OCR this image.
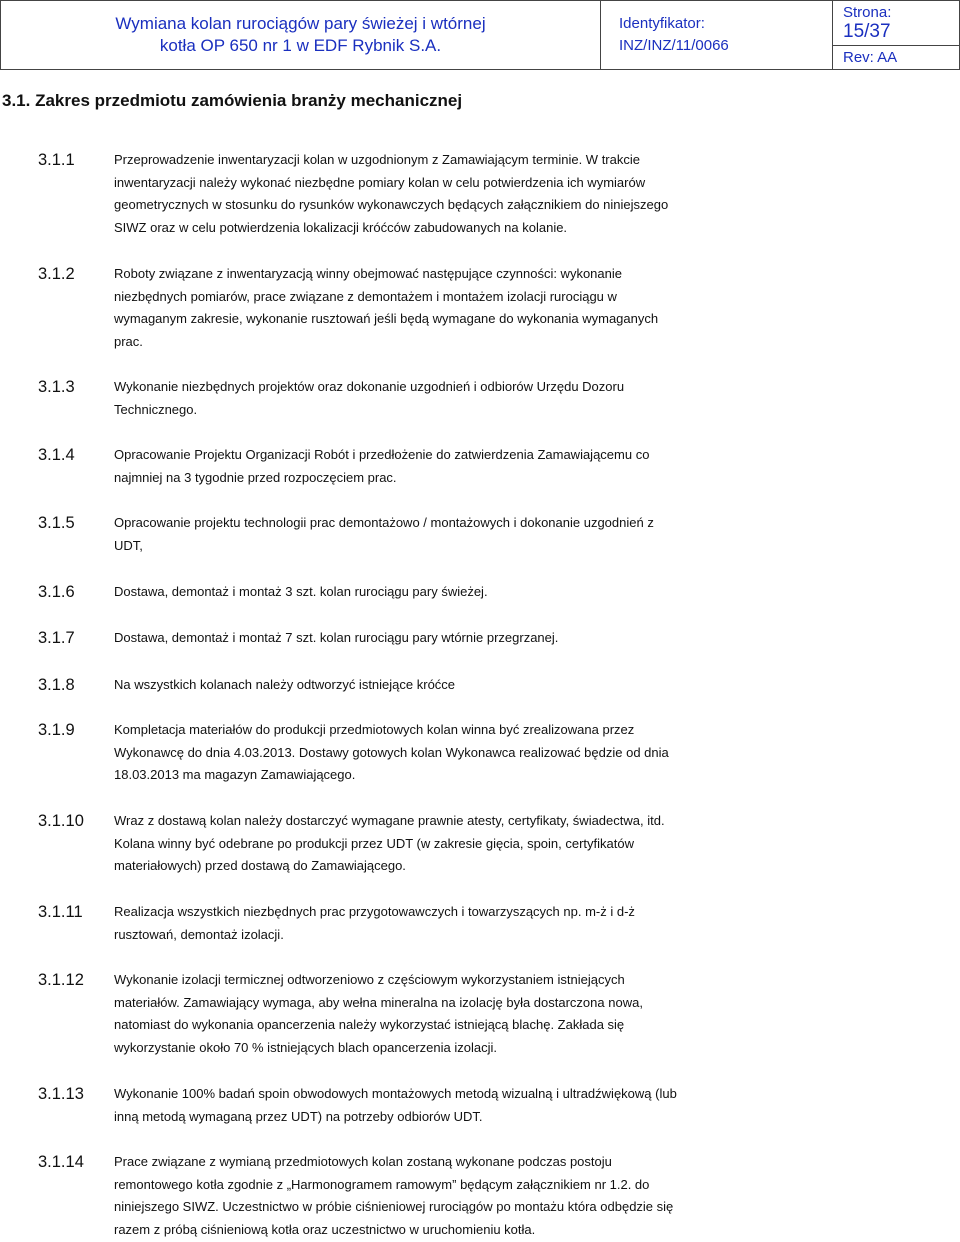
Wymiana kolan rurociągów pary świeżej i wtórnej
kotła OP 650 nr 1 w EDF Rybnik S.A.
Identyfikator:
INZ/INZ/11/0066
Strona:
15/37
Rev: AA
3.1. Zakres przedmiotu zamówienia branży mechanicznej
3.1.1	Przeprowadzenie inwentaryzacji kolan w uzgodnionym z Zamawiającym terminie. W trakcie
inwentaryzacji należy wykonać niezbędne pomiary kolan w celu potwierdzenia ich wymiarów
geometrycznych w stosunku do rysunków wykonawczych będących załącznikiem do niniejszego
SIWZ oraz w celu potwierdzenia lokalizacji króćców zabudowanych na kolanie.
3.1.2	Roboty związane z inwentaryzacją winny obejmować następujące czynności: wykonanie
niezbędnych pomiarów, prace związane z demontażem i montażem izolacji rurociągu w
wymaganym zakresie, wykonanie rusztowań jeśli będą wymagane do wykonania wymaganych
prac.
3.1.3	Wykonanie niezbędnych projektów oraz dokonanie uzgodnień i odbiorów Urzędu Dozoru
Technicznego.
3.1.4	Opracowanie Projektu Organizacji Robót i przedłożenie do zatwierdzenia Zamawiającemu co
najmniej na 3 tygodnie przed rozpoczęciem prac.
3.1.5	Opracowanie projektu technologii prac demontażowo / montażowych i dokonanie uzgodnień z
UDT,
3.1.6	Dostawa, demontaż i montaż 3 szt. kolan rurociągu pary świeżej.
3.1.7	Dostawa, demontaż i montaż 7 szt. kolan rurociągu pary wtórnie przegrzanej.
3.1.8	Na wszystkich kolanach należy odtworzyć istniejące króćce
3.1.9	Kompletacja materiałów do produkcji przedmiotowych kolan winna być zrealizowana przez
Wykonawcę do dnia 4.03.2013. Dostawy gotowych kolan Wykonawca realizować będzie od dnia
18.03.2013 ma magazyn Zamawiającego.
3.1.10 Wraz z dostawą kolan należy dostarczyć wymagane prawnie atesty, certyfikaty, świadectwa, itd.
Kolana winny być odebrane po produkcji przez UDT (w zakresie gięcia, spoin, certyfikatów
materiałowych) przed dostawą do Zamawiającego.
3.1.11 Realizacja wszystkich niezbędnych prac przygotowawczych i towarzyszących np. m-ż i d-ż
rusztowań, demontaż izolacji.
3.1.12 Wykonanie izolacji termicznej odtworzeniowo z częściowym wykorzystaniem istniejących
materiałów. Zamawiający wymaga, aby wełna mineralna na izolację była dostarczona nowa,
natomiast do wykonania opancerzenia należy wykorzystać istniejącą blachę. Zakłada się
wykorzystanie około 70 % istniejących blach opancerzenia izolacji.
3.1.13 Wykonanie 100% badań spoin obwodowych montażowych metodą wizualną i ultradźwiękową (lub
inną metodą wymaganą przez UDT) na potrzeby odbiorów UDT.
3.1.14 Prace związane z wymianą przedmiotowych kolan zostaną wykonane podczas postoju
remontowego kotła zgodnie z „Harmonogramem ramowym” będącym załącznikiem nr 1.2. do
niniejszego SIWZ. Uczestnictwo w próbie ciśnieniowej rurociągów po montażu która odbędzie się
razem z próbą ciśnieniową kotła oraz uczestnictwo w uruchomieniu kotła.
